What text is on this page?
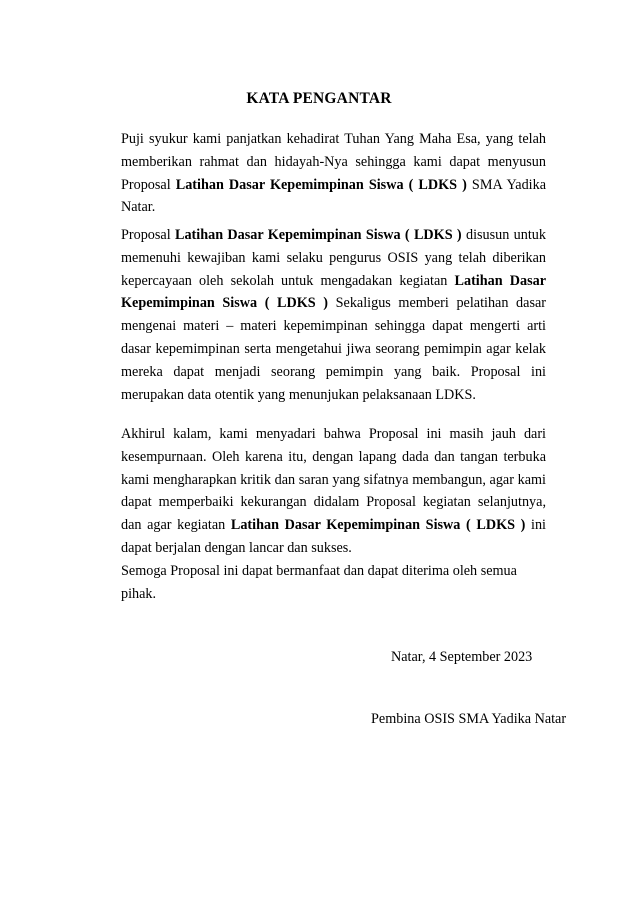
KATA PENGANTAR
Puji syukur kami panjatkan kehadirat Tuhan Yang Maha Esa, yang telah memberikan rahmat dan hidayah-Nya sehingga kami dapat menyusun Proposal Latihan Dasar Kepemimpinan Siswa ( LDKS ) SMA Yadika Natar.
Proposal Latihan Dasar Kepemimpinan Siswa ( LDKS ) disusun untuk memenuhi kewajiban kami selaku pengurus OSIS yang telah diberikan kepercayaan oleh sekolah untuk mengadakan kegiatan Latihan Dasar Kepemimpinan Siswa ( LDKS ) Sekaligus memberi pelatihan dasar mengenai materi – materi kepemimpinan sehingga dapat mengerti arti dasar kepemimpinan serta mengetahui jiwa seorang pemimpin agar kelak mereka dapat menjadi seorang pemimpin yang baik. Proposal ini merupakan data otentik yang menunjukan pelaksanaan LDKS.
Akhirul kalam, kami menyadari bahwa Proposal ini masih jauh dari kesempurnaan. Oleh karena itu, dengan lapang dada dan tangan terbuka kami mengharapkan kritik dan saran yang sifatnya membangun, agar kami dapat memperbaiki kekurangan didalam Proposal kegiatan selanjutnya, dan agar kegiatan Latihan Dasar Kepemimpinan Siswa ( LDKS ) ini dapat berjalan dengan lancar dan sukses.
Semoga Proposal ini dapat bermanfaat dan dapat diterima oleh semua pihak.
Natar, 4 September 2023
Pembina OSIS SMA Yadika Natar
